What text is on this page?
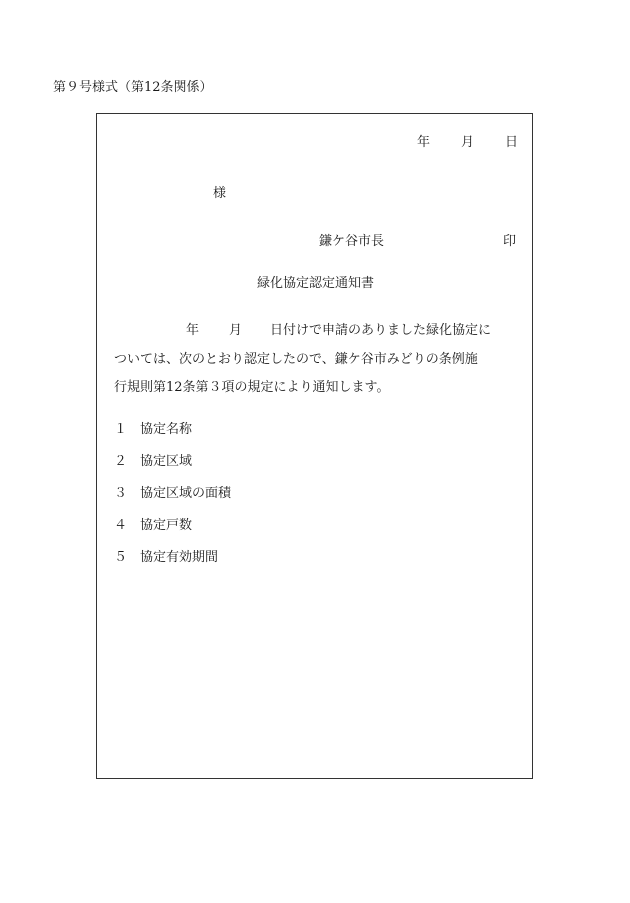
第９号様式（第12条関係）
年 月 日
様
鎌ケ谷市長	印
緑化協定認定通知書
年 月 日付けで申請のありました緑化協定に
ついては、次のとおり認定したので、鎌ケ谷市みどりの条例施
行規則第12条第３項の規定により通知します。
１ 協定名称
２ 協定区域
３ 協定区域の面積
４ 協定戸数
５ 協定有効期間
